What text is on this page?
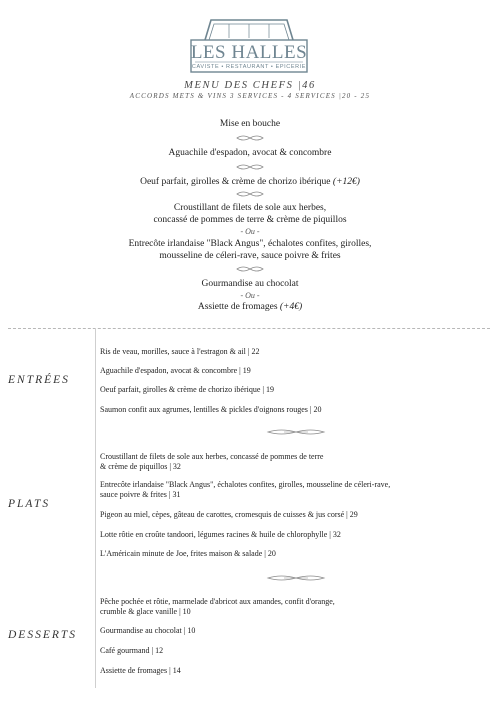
LES HALLES
CAVISTE • RESTAURANT • EPICERIE
MENU DES CHEFS |46
ACCORDS METS & VINS 3 SERVICES - 4 SERVICES |20 - 25
Mise en bouche
Aguachile d'espadon, avocat & concombre
Oeuf parfait, girolles & crème de chorizo ibérique (+12€)
Croustillant de filets de sole aux herbes,
concassé de pommes de terre & crème de piquillos
- Ou -
Entrecôte irlandaise "Black Angus", échalotes confites, girolles,
mousseline de céleri-rave, sauce poivre & frites
Gourmandise au chocolat
- Ou -
Assiette de fromages (+4€)
ENTRÉES
Ris de veau, morilles, sauce à l'estragon & ail | 22
Aguachile d'espadon, avocat & concombre | 19
Oeuf parfait, girolles & crème de chorizo ibérique | 19
Saumon confit aux agrumes, lentilles & pickles d'oignons rouges | 20
PLATS
Croustillant de filets de sole aux herbes, concassé de pommes de terre
& crème de piquillos | 32
Entrecôte irlandaise "Black Angus", échalotes confites, girolles, mousseline de céleri-rave,
sauce poivre & frites | 31
Pigeon au miel, cèpes, gâteau de carottes, cromesquis de cuisses & jus corsé | 29
Lotte rôtie en croûte tandoori, légumes racines & huile de chlorophylle | 32
L'Américain minute de Joe, frites maison & salade | 20
DESSERTS
Pêche pochée et rôtie, marmelade d'abricot aux amandes, confit d'orange,
crumble & glace vanille | 10
Gourmandise au chocolat | 10
Café gourmand | 12
Assiette de fromages | 14
